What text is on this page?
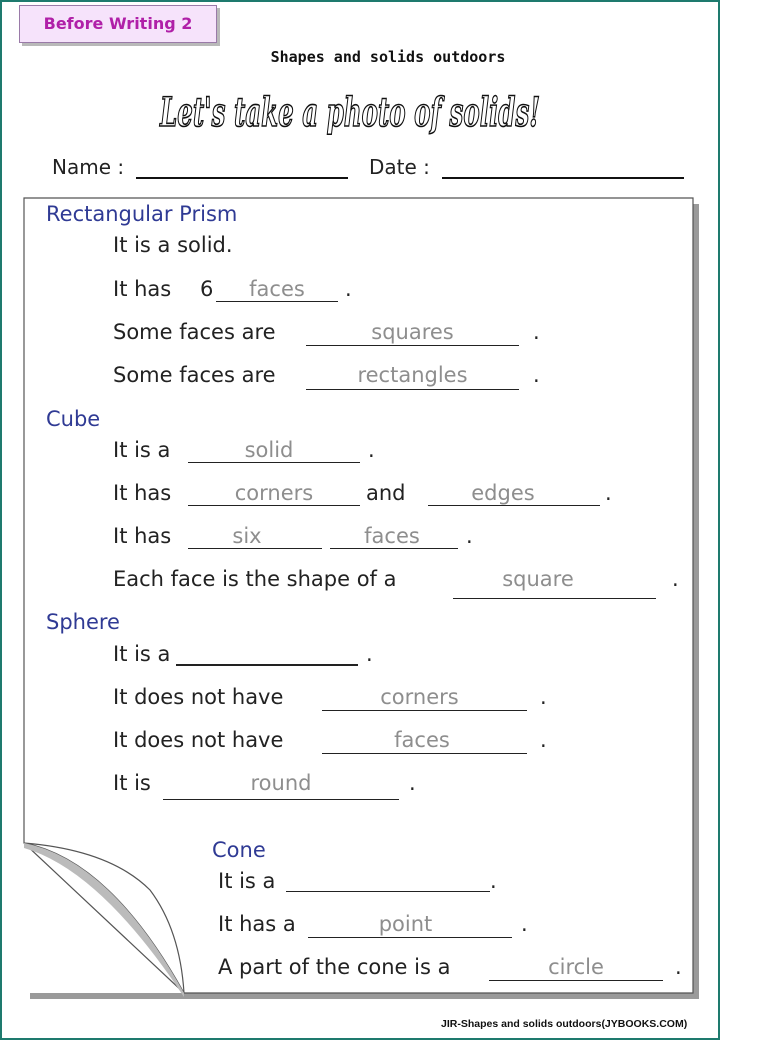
Before Writing 2
Shapes and solids outdoors
Let's take a photo of solids!
Name :	Date :
Rectangular Prism
It is a solid.
It has 6	faces	.
Some faces are	squares	.
Some faces are	rectangles	.
Cube
It is a	solid	.
It has	corners	and	edges	.
It has	six	faces	.
Each face is the shape of a	square	.
Sphere
It is a	.
It does not have	corners	.
It does not have	faces	.
It is	round	.
Cone
It is a	.
It has a	point	.
A part of the cone is a	circle	.
JIR-Shapes and solids outdoors(JYBOOKS.COM)
